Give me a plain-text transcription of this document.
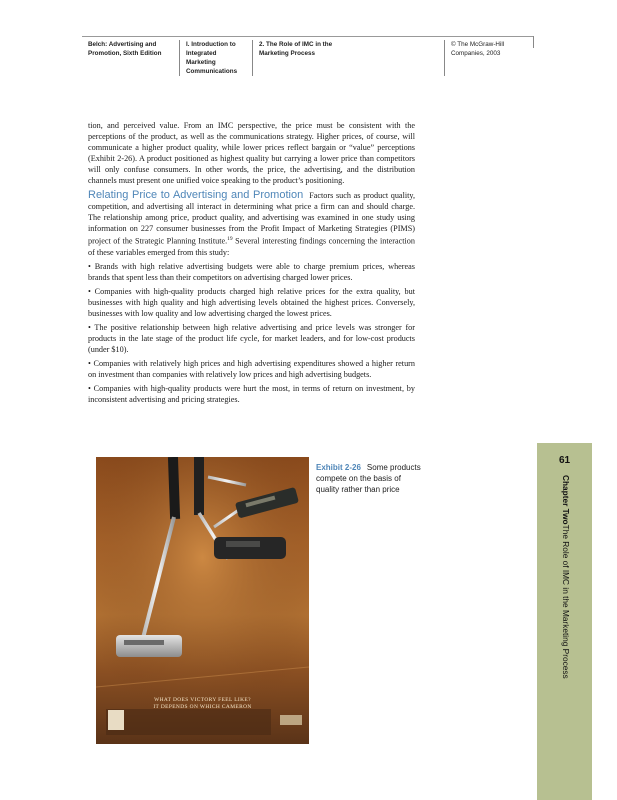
Belch: Advertising and
Promotion, Sixth Edition
I. Introduction to Integrated
Marketing
Communications
2. The Role of IMC in the
Marketing Process
© The McGraw-Hill
Companies, 2003

tion, and perceived value. From an IMC perspective, the price must be consistent with the perceptions of the product, as well as the communications strategy. Higher prices, of course, will communicate a higher product quality, while lower prices reflect bargain or “value” perceptions (Exhibit 2-26). A product positioned as highest quality but carrying a lower price than competitors will only confuse consumers. In other words, the price, the advertising, and the distribution channels must present one unified voice speaking to the product’s positioning.

Relating Price to Advertising and Promotion Factors such as product quality, competition, and advertising all interact in determining what price a firm can and should charge. The relationship among price, product quality, and advertising was examined in one study using information on 227 consumer businesses from the Profit Impact of Marketing Strategies (PIMS) project of the Strategic Planning Institute.$^{19}$ Several interesting findings concerning the interaction of these variables emerged from this study:

• Brands with high relative advertising budgets were able to charge premium prices, whereas brands that spent less than their competitors on advertising charged lower prices.

• Companies with high-quality products charged high relative prices for the extra quality, but businesses with high quality and high advertising levels obtained the highest prices. Conversely, businesses with low quality and low advertising charged the lowest prices.

• The positive relationship between high relative advertising and price levels was stronger for products in the late stage of the product life cycle, for market leaders, and for low-cost products (under $10).

• Companies with relatively high prices and high advertising expenditures showed a higher return on investment than companies with relatively low prices and high advertising budgets.

• Companies with high-quality products were hurt the most, in terms of return on investment, by inconsistent advertising and pricing strategies.

WHAT DOES VICTORY FEEL LIKE?
IT DEPENDS ON WHICH CAMERON
Exhibit 2-26 Some products compete on the basis of quality rather than price
61
Chapter TwoThe Role of IMC in the Marketing Process
